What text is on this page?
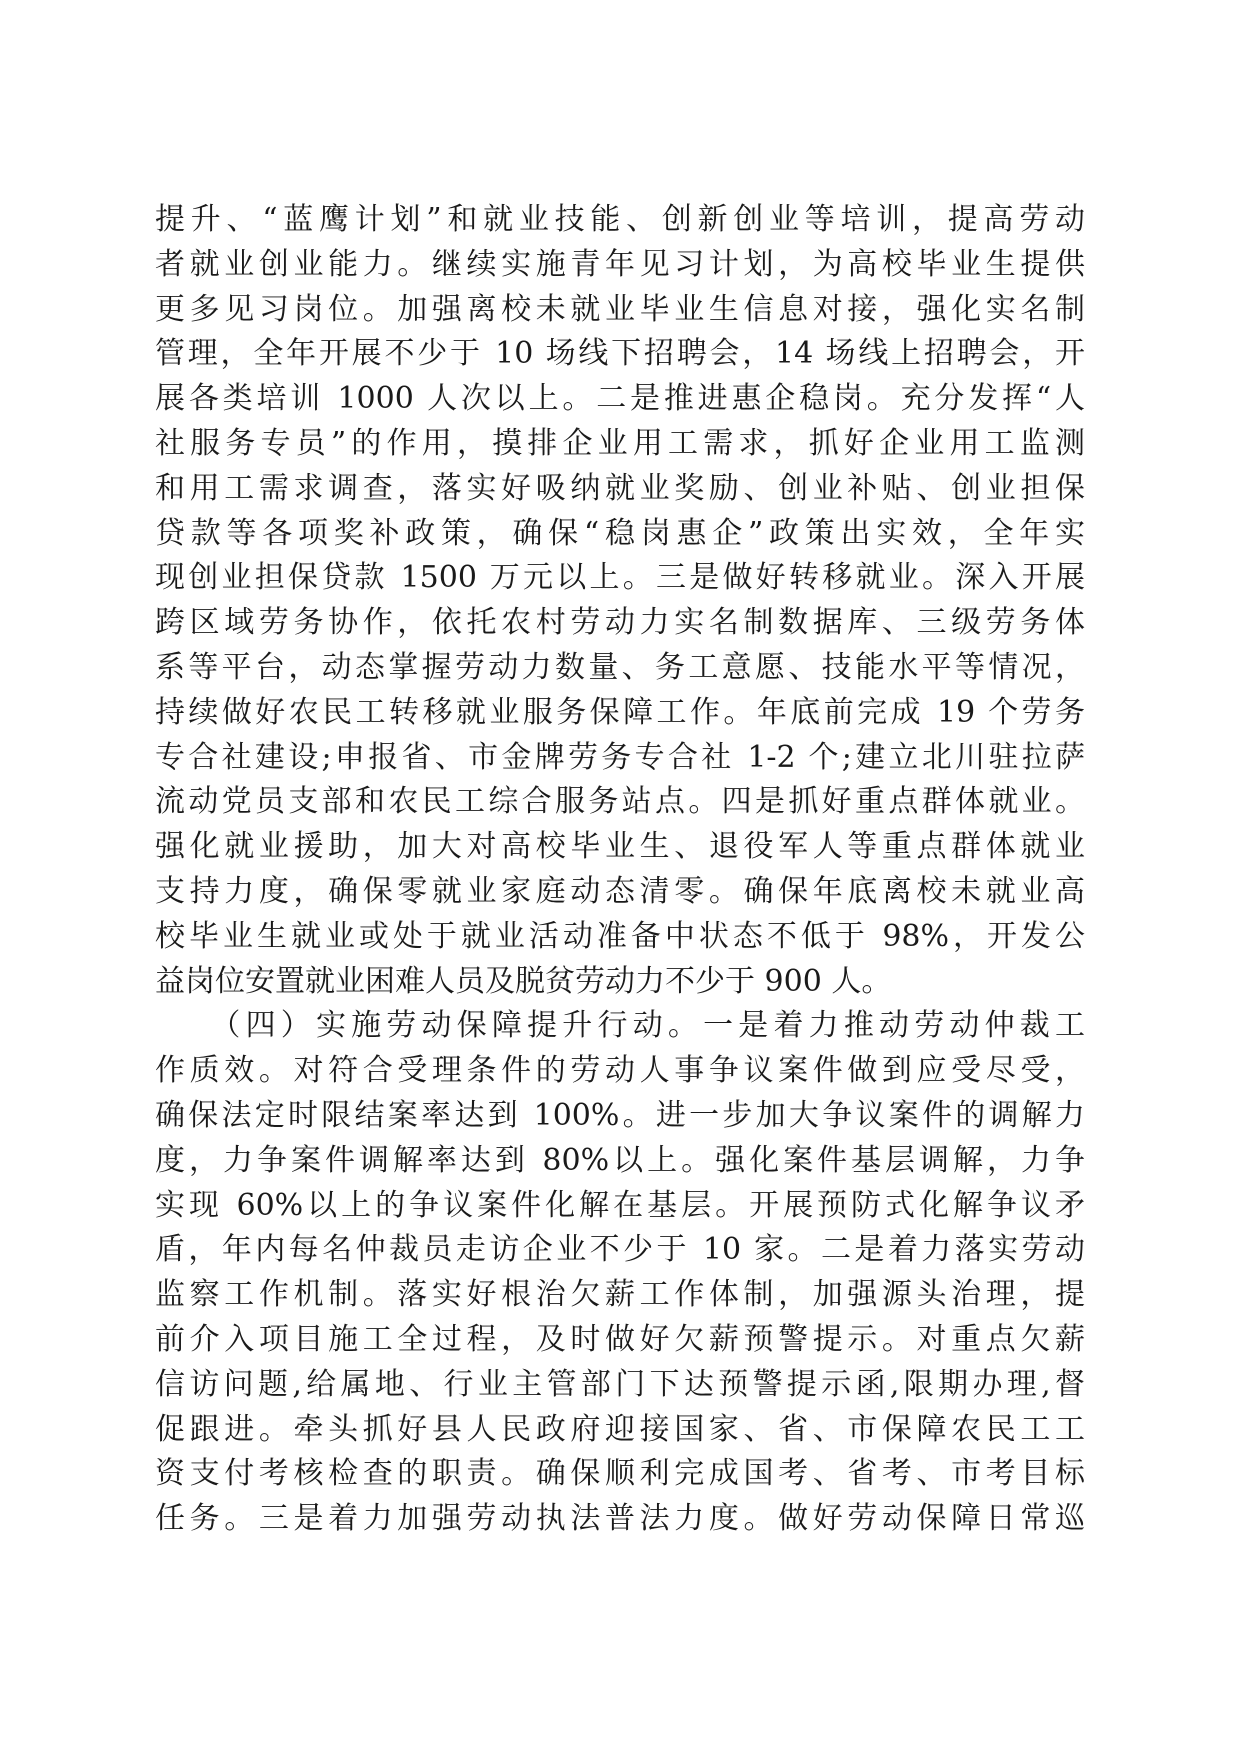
提升、“蓝鹰计划”和就业技能、创新创业等培训，提高劳动
者就业创业能力。继续实施青年见习计划，为高校毕业生提供
更多见习岗位。加强离校未就业毕业生信息对接，强化实名制
管理，全年开展不少于 10 场线下招聘会，14 场线上招聘会，开
展各类培训 1000 人次以上。二是推进惠企稳岗。充分发挥“人
社服务专员”的作用，摸排企业用工需求，抓好企业用工监测
和用工需求调查，落实好吸纳就业奖励、创业补贴、创业担保
贷款等各项奖补政策，确保“稳岗惠企”政策出实效，全年实
现创业担保贷款 1500 万元以上。三是做好转移就业。深入开展
跨区域劳务协作，依托农村劳动力实名制数据库、三级劳务体
系等平台，动态掌握劳动力数量、务工意愿、技能水平等情况，
持续做好农民工转移就业服务保障工作。年底前完成 19 个劳务
专合社建设;申报省、市金牌劳务专合社 1-2 个;建立北川驻拉萨
流动党员支部和农民工综合服务站点。四是抓好重点群体就业。
强化就业援助，加大对高校毕业生、退役军人等重点群体就业
支持力度，确保零就业家庭动态清零。确保年底离校未就业高
校毕业生就业或处于就业活动准备中状态不低于 98%，开发公
益岗位安置就业困难人员及脱贫劳动力不少于 900 人。
　　（四）实施劳动保障提升行动。一是着力推动劳动仲裁工
作质效。对符合受理条件的劳动人事争议案件做到应受尽受，
确保法定时限结案率达到 100%。进一步加大争议案件的调解力
度，力争案件调解率达到 80%以上。强化案件基层调解，力争
实现 60%以上的争议案件化解在基层。开展预防式化解争议矛
盾，年内每名仲裁员走访企业不少于 10 家。二是着力落实劳动
监察工作机制。落实好根治欠薪工作体制，加强源头治理，提
前介入项目施工全过程，及时做好欠薪预警提示。对重点欠薪
信访问题,给属地、行业主管部门下达预警提示函,限期办理,督
促跟进。牵头抓好县人民政府迎接国家、省、市保障农民工工
资支付考核检查的职责。确保顺利完成国考、省考、市考目标
任务。三是着力加强劳动执法普法力度。做好劳动保障日常巡
